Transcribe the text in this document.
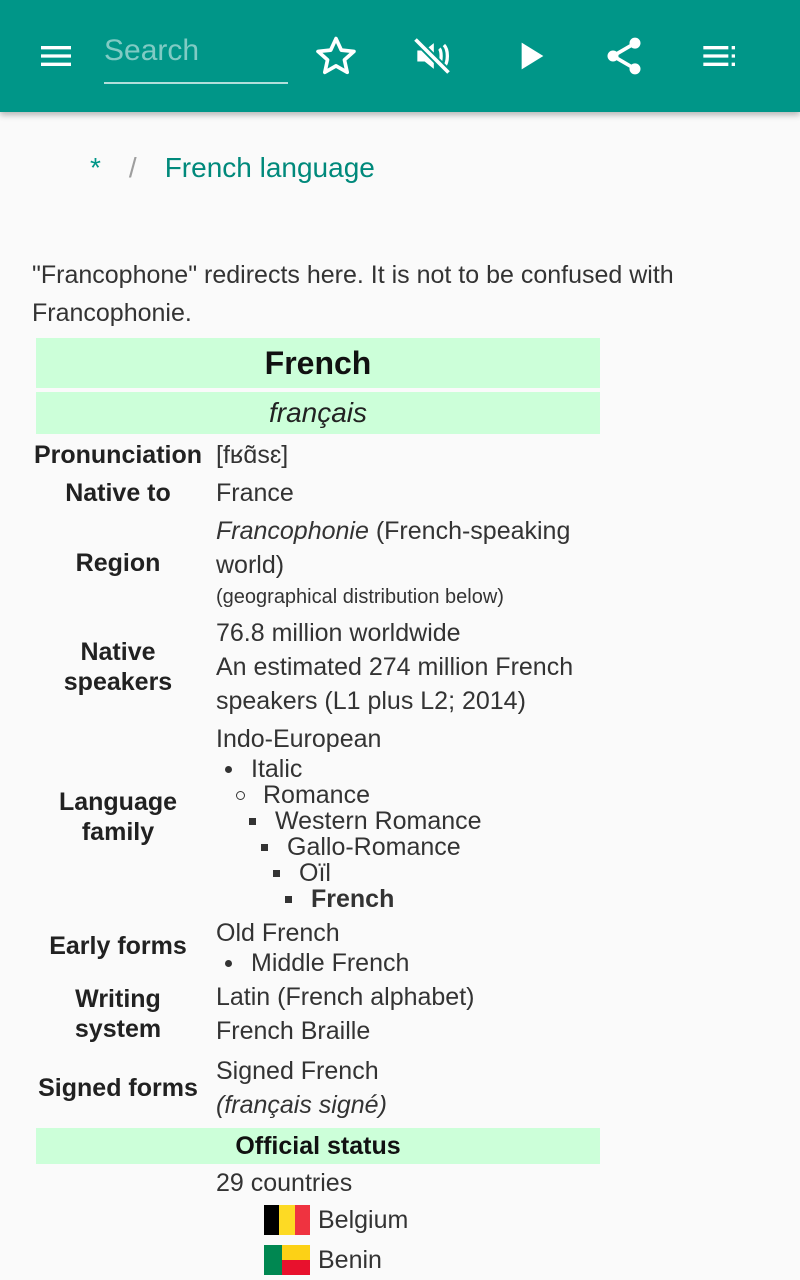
Search
* / French language
"Francophone" redirects here. It is not to be confused with Francophonie.
French
français
Pronunciation [fʁɑ̃sɛ]
Native to	France
Region
Francophonie (French-speaking world)
(geographical distribution below)
Native speakers
76.8 million worldwide
An estimated 274 million French speakers (L1 plus L2; 2014)
Language family
Indo-European
Italic
Romance
Western Romance
Gallo-Romance
Oïl
French
Early forms	Old French
Middle French
Writing system
Latin (French alphabet)
French Braille
Signed forms
Signed French
(français signé)
Official status
29 countries
Belgium
Benin
